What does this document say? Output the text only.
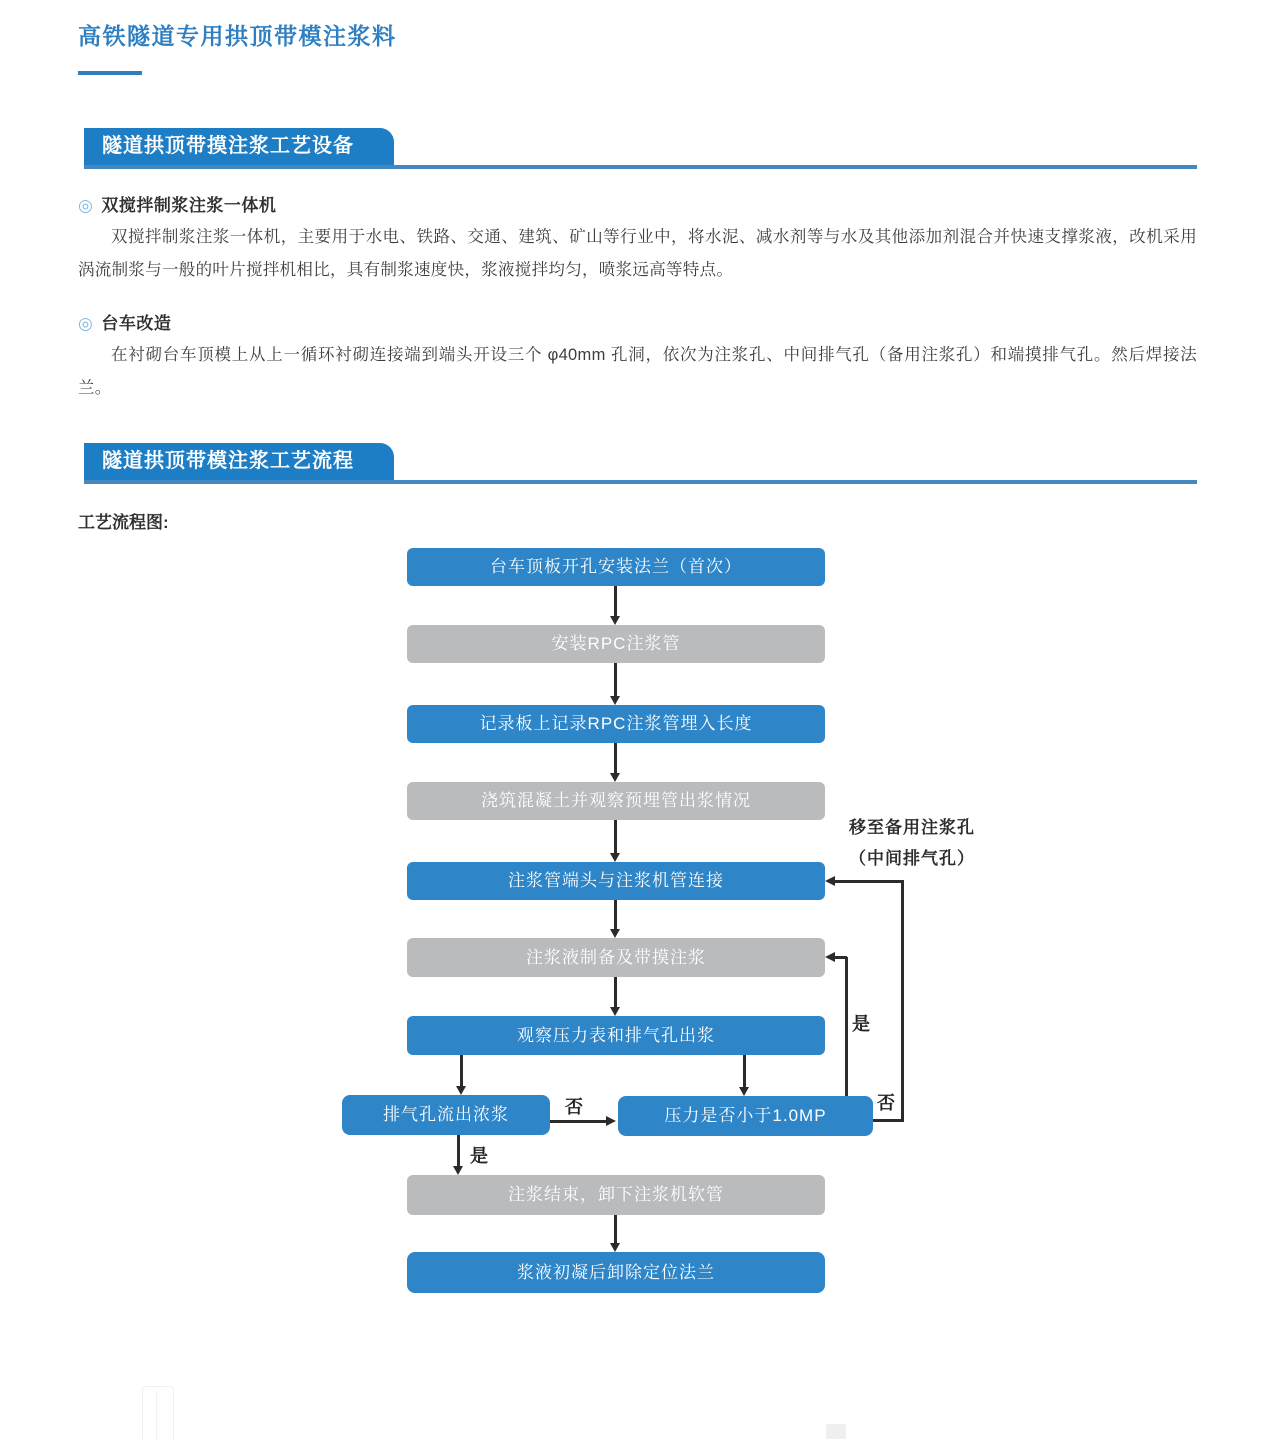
高铁隧道专用拱顶带模注浆料
隧道拱顶带摸注浆工艺设备
◎ 双搅拌制浆注浆一体机

双搅拌制浆注浆一体机，主要用于水电、铁路、交通、建筑、矿山等行业中，将水泥、减水剂等与水及其他添加剂混合并快速支撑浆液，改机采用涡流制浆与一般的叶片搅拌机相比，具有制浆速度快，浆液搅拌均匀，喷浆远高等特点。

◎ 台车改造

在衬砌台车顶模上从上一循环衬砌连接端到端头开设三个 φ40mm 孔洞，依次为注浆孔、中间排气孔（备用注浆孔）和端摸排气孔。然后焊接法兰。

隧道拱顶带模注浆工艺流程
工艺流程图:
台车顶板开孔安装法兰（首次）
安装RPC注浆管
记录板上记录RPC注浆管埋入长度
浇筑混凝土并观察预埋管出浆情况
注浆管端头与注浆机管连接
注浆液制备及带摸注浆
观察压力表和排气孔出浆
排气孔流出浓浆	压力是否小于1.0MP
注浆结束，卸下注浆机软管
浆液初凝后卸除定位法兰
否
是
是
否
移至备用注浆孔
（中间排气孔）
